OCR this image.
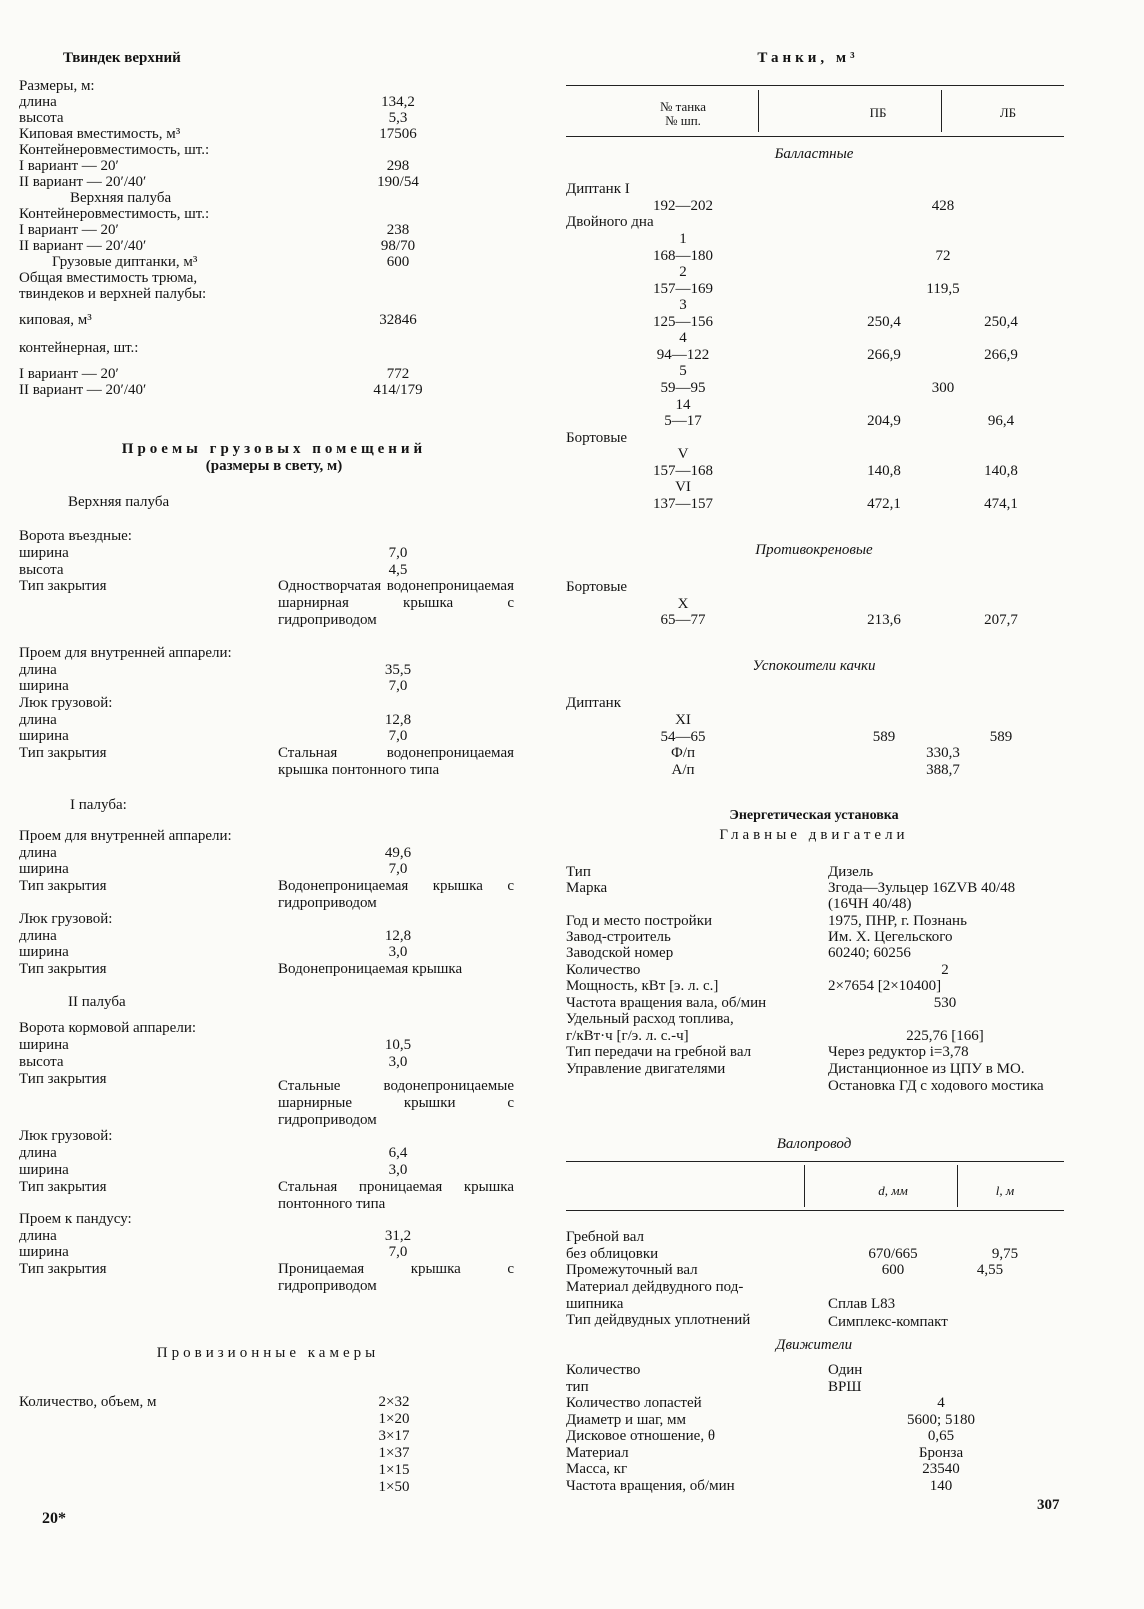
Твиндек верхний
Размеры, м:
длина	134,2
высота	5,3
Киповая вместимость, м³	17506
Контейнеровместимость, шт.:
I вариант — 20′	298
II вариант — 20′/40′	190/54
Верхняя палуба
Контейнеровместимость, шт.:
I вариант — 20′	238
II вариант — 20′/40′	98/70
Грузовые диптанки, м³	600
Общая вместимость трюма,
твиндеков и верхней палубы:
киповая, м³	32846
контейнерная, шт.:
I вариант — 20′	772
II вариант — 20′/40′	414/179
Проемы грузовых помещений
(размеры в свету, м)
Верхняя палуба
Ворота въездные:
ширина	7,0
высота	4,5
Тип закрытия	Одностворчатая водонепроницаемая шарнирная крышка с гидроприводом
Проем для внутренней аппарели:
длина	35,5
ширина	7,0
Люк грузовой:
длина	12,8
ширина	7,0
Тип закрытия	Стальная водонепроницаемая крышка понтонного типа
I палуба:
Проем для внутренней аппарели:
длина	49,6
ширина	7,0
Тип закрытия	Водонепроницаемая крышка с гидроприводом
Люк грузовой:
длина	12,8
ширина	3,0
Тип закрытия	Водонепроницаемая крышка
II палуба
Ворота кормовой аппарели:
ширина	10,5
высота	3,0
Тип закрытия	Стальные водонепроницаемые шарнирные крышки с гидроприводом
Люк грузовой:
длина	6,4
ширина	3,0
Тип закрытия	Стальная проницаемая крышка понтонного типа
Проем к пандусу:
длина	31,2
ширина	7,0
Тип закрытия	Проницаемая крышка с гидроприводом
Провизионные камеры
Количество, объем, м	2×32
1×20
3×17
1×37
1×15
1×50
20*
Танки, м³
№ танка
№ шп.
ПБ	ЛБ
Балластные
Диптанк I
192—202	428
Двойного дна
1
168—180	72
2
157—169	119,5
3
125—156	250,4	250,4
4
94—122	266,9	266,9
5
59—95	300
14
5—17	204,9	96,4
Бортовые
V
157—168	140,8	140,8
VI
137—157	472,1	474,1
Противокреновые
Бортовые
X
65—77	213,6	207,7
Успокоители качки
Диптанк
XI
54—65	589	589
Ф/п	330,3
А/п	388,7
Энергетическая установка
Главные двигатели
Тип	Дизель
Марка	Згода—Зульцер 16ZVB 40/48
(16ЧН 40/48)
Год и место постройки	1975, ПНР, г. Познань
Завод-строитель	Им. Х. Цегельского
Заводской номер	60240; 60256
Количество	2
Мощность, кВт [э. л. с.]	2×7654 [2×10400]
Частота вращения вала, об/мин	530
Удельный расход топлива,
г/кВт·ч [г/э. л. с.-ч]	225,76 [166]
Тип передачи на гребной вал	Через редуктор i=3,78
Управление двигателями	Дистанционное из ЦПУ в МО. Остановка ГД с ходового мостика
Валопровод
d, мм	l, м
Гребной вал
без облицовки	670/665	9,75
Промежуточный вал	600	4,55
Материал дейдвудного под-
шипника	Сплав L83
Тип дейдвудных уплотнений	Симплекс-компакт
Движители
Количество	Один
тип	ВРШ
Количество лопастей	4
Диаметр и шаг, мм	5600; 5180
Дисковое отношение, θ	0,65
Материал	Бронза
Масса, кг	23540
Частота вращения, об/мин	140
307
